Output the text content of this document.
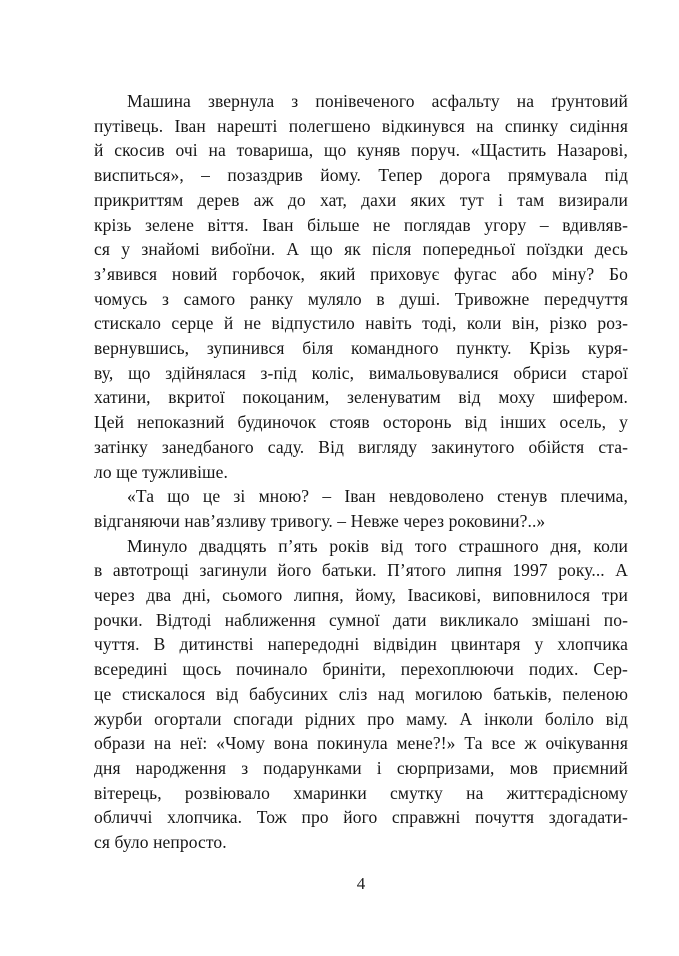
Машина звернула з понівеченого асфальту на ґрунтовий
путівець. Іван нарешті полегшено відкинувся на спинку сидіння
й скосив очі на товариша, що куняв поруч. «Щастить Назарові,
виспиться», – позаздрив йому. Тепер дорога прямувала під
прикриттям дерев аж до хат, дахи яких тут і там визирали
крізь зелене віття. Іван більше не поглядав угору – вдивляв-
ся у знайомі вибоїни. А що як після попередньої поїздки десь
з’явився новий горбочок, який приховує фугас або міну? Бо
чомусь з самого ранку муляло в душі. Тривожне передчуття
стискало серце й не відпустило навіть тоді, коли він, різко роз-
вернувшись, зупинився біля командного пункту. Крізь куря-
ву, що здійнялася з-під коліс, вимальовувалися обриси старої
хатини, вкритої покоцаним, зеленуватим від моху шифером.
Цей непоказний будиночок стояв осторонь від інших осель, у
затінку занедбаного саду. Від вигляду закинутого обійстя ста-
ло ще тужливіше.
«Та що це зі мною? – Іван невдоволено стенув плечима,
відганяючи нав’язливу тривогу. – Невже через роковини?..»
Минуло двадцять п’ять років від того страшного дня, коли
в автотрощі загинули його батьки. П’ятого липня 1997 року... А
через два дні, сьомого липня, йому, Івасикові, виповнилося три
рочки. Відтоді наближення сумної дати викликало змішані по-
чуття. В дитинстві напередодні відвідин цвинтаря у хлопчика
всередині щось починало бриніти, перехоплюючи подих. Сер-
це стискалося від бабусиних сліз над могилою батьків, пеленою
журби огортали спогади рідних про маму. А інколи боліло від
образи на неї: «Чому вона покинула мене?!» Та все ж очікування
дня народження з подарунками і сюрпризами, мов приємний
вітерець, розвіювало хмаринки смутку на життєрадісному
обличчі хлопчика. Тож про його справжні почуття здогадати-
ся було непросто.
4
